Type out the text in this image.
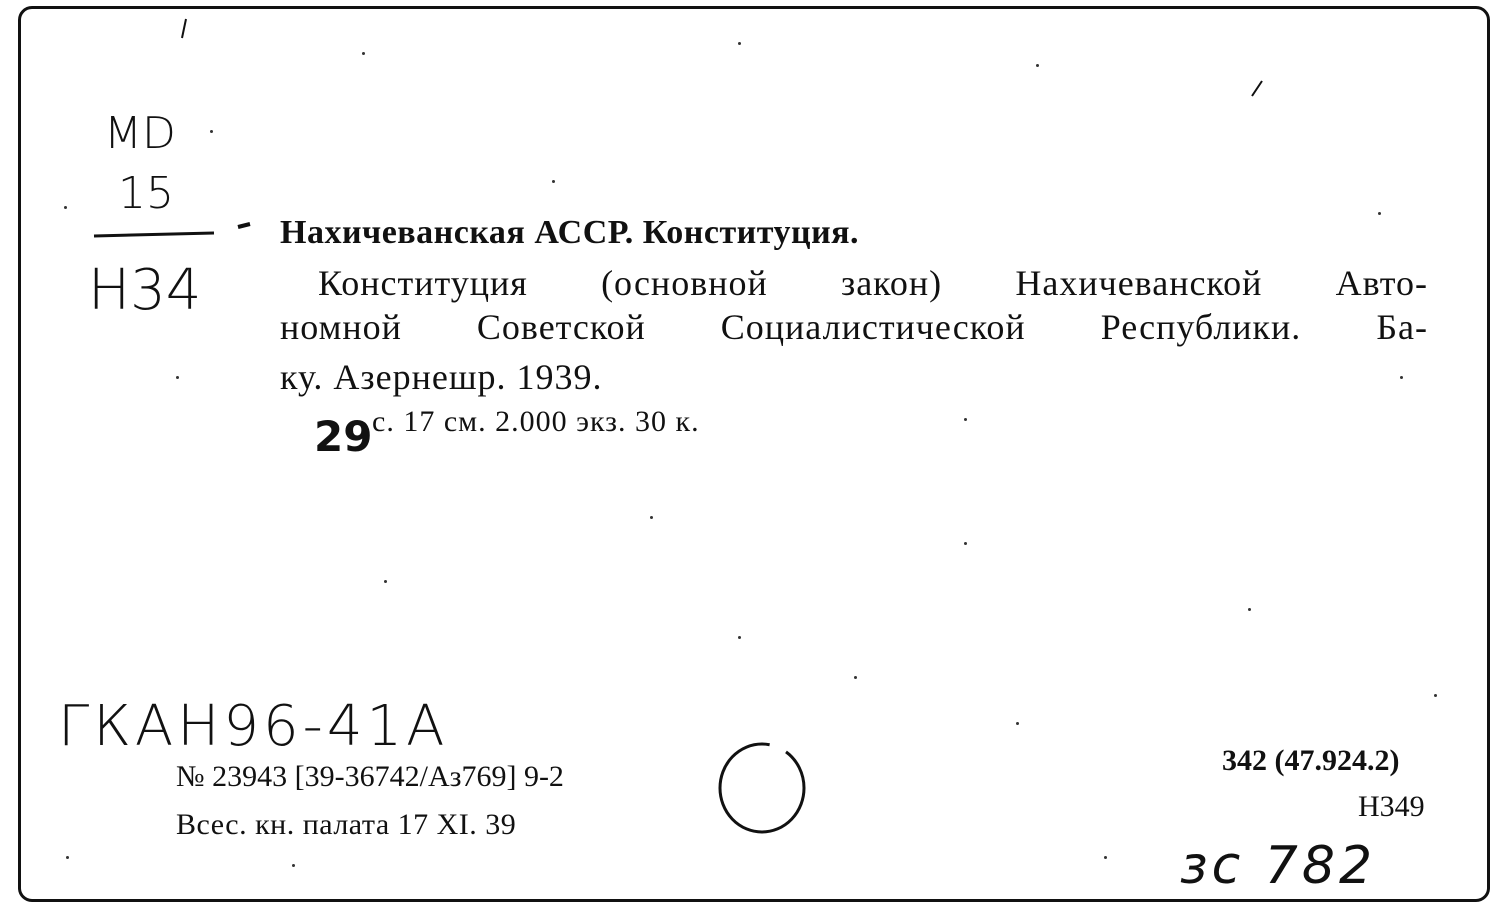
MD
15
Н34
Нахичеванская АССР. Конституция.
Конституция (основной закон) Нахичеванской Авто-
номной Советской Социалистической Республики. Ба-
ку. Азернешр. 1939.
29 с. 17 см. 2.000 экз. 30 к.
ГКАН96-41А
№ 23943 [39-36742/Аз769] 9-2
Всес. кн. палата 17 XI. 39
342 (47.924.2)
Н349
зс 782
